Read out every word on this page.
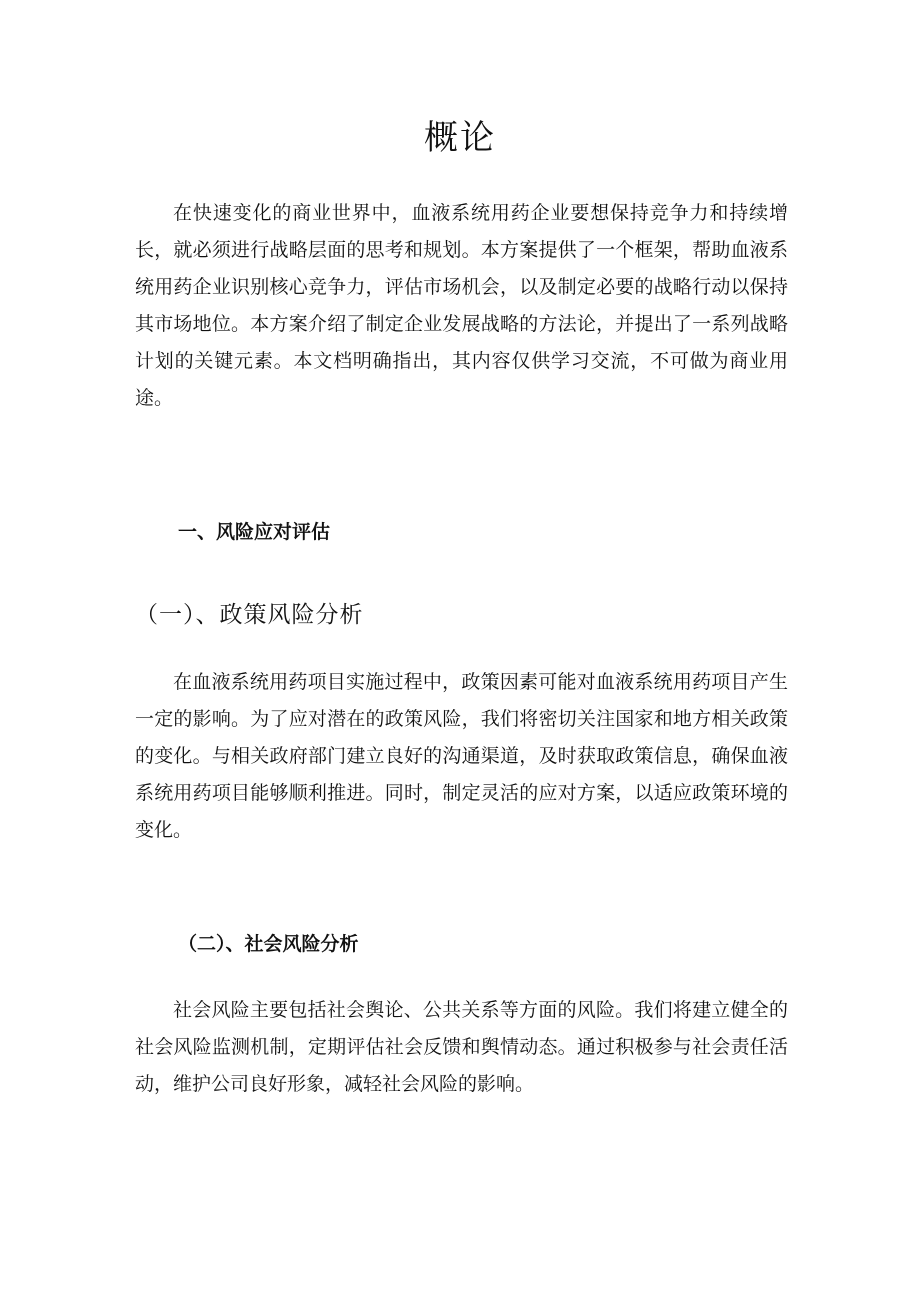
概论

在快速变化的商业世界中，血液系统用药企业要想保持竞争力和持续增长，就必须进行战略层面的思考和规划。本方案提供了一个框架，帮助血液系统用药企业识别核心竞争力，评估市场机会，以及制定必要的战略行动以保持其市场地位。本方案介绍了制定企业发展战略的方法论，并提出了一系列战略计划的关键元素。本文档明确指出，其内容仅供学习交流，不可做为商业用途。

一、风险应对评估
（一）、政策风险分析

在血液系统用药项目实施过程中，政策因素可能对血液系统用药项目产生一定的影响。为了应对潜在的政策风险，我们将密切关注国家和地方相关政策的变化。与相关政府部门建立良好的沟通渠道，及时获取政策信息，确保血液系统用药项目能够顺利推进。同时，制定灵活的应对方案，以适应政策环境的变化。

（二）、社会风险分析

社会风险主要包括社会舆论、公共关系等方面的风险。我们将建立健全的社会风险监测机制，定期评估社会反馈和舆情动态。通过积极参与社会责任活动，维护公司良好形象，减轻社会风险的影响。
